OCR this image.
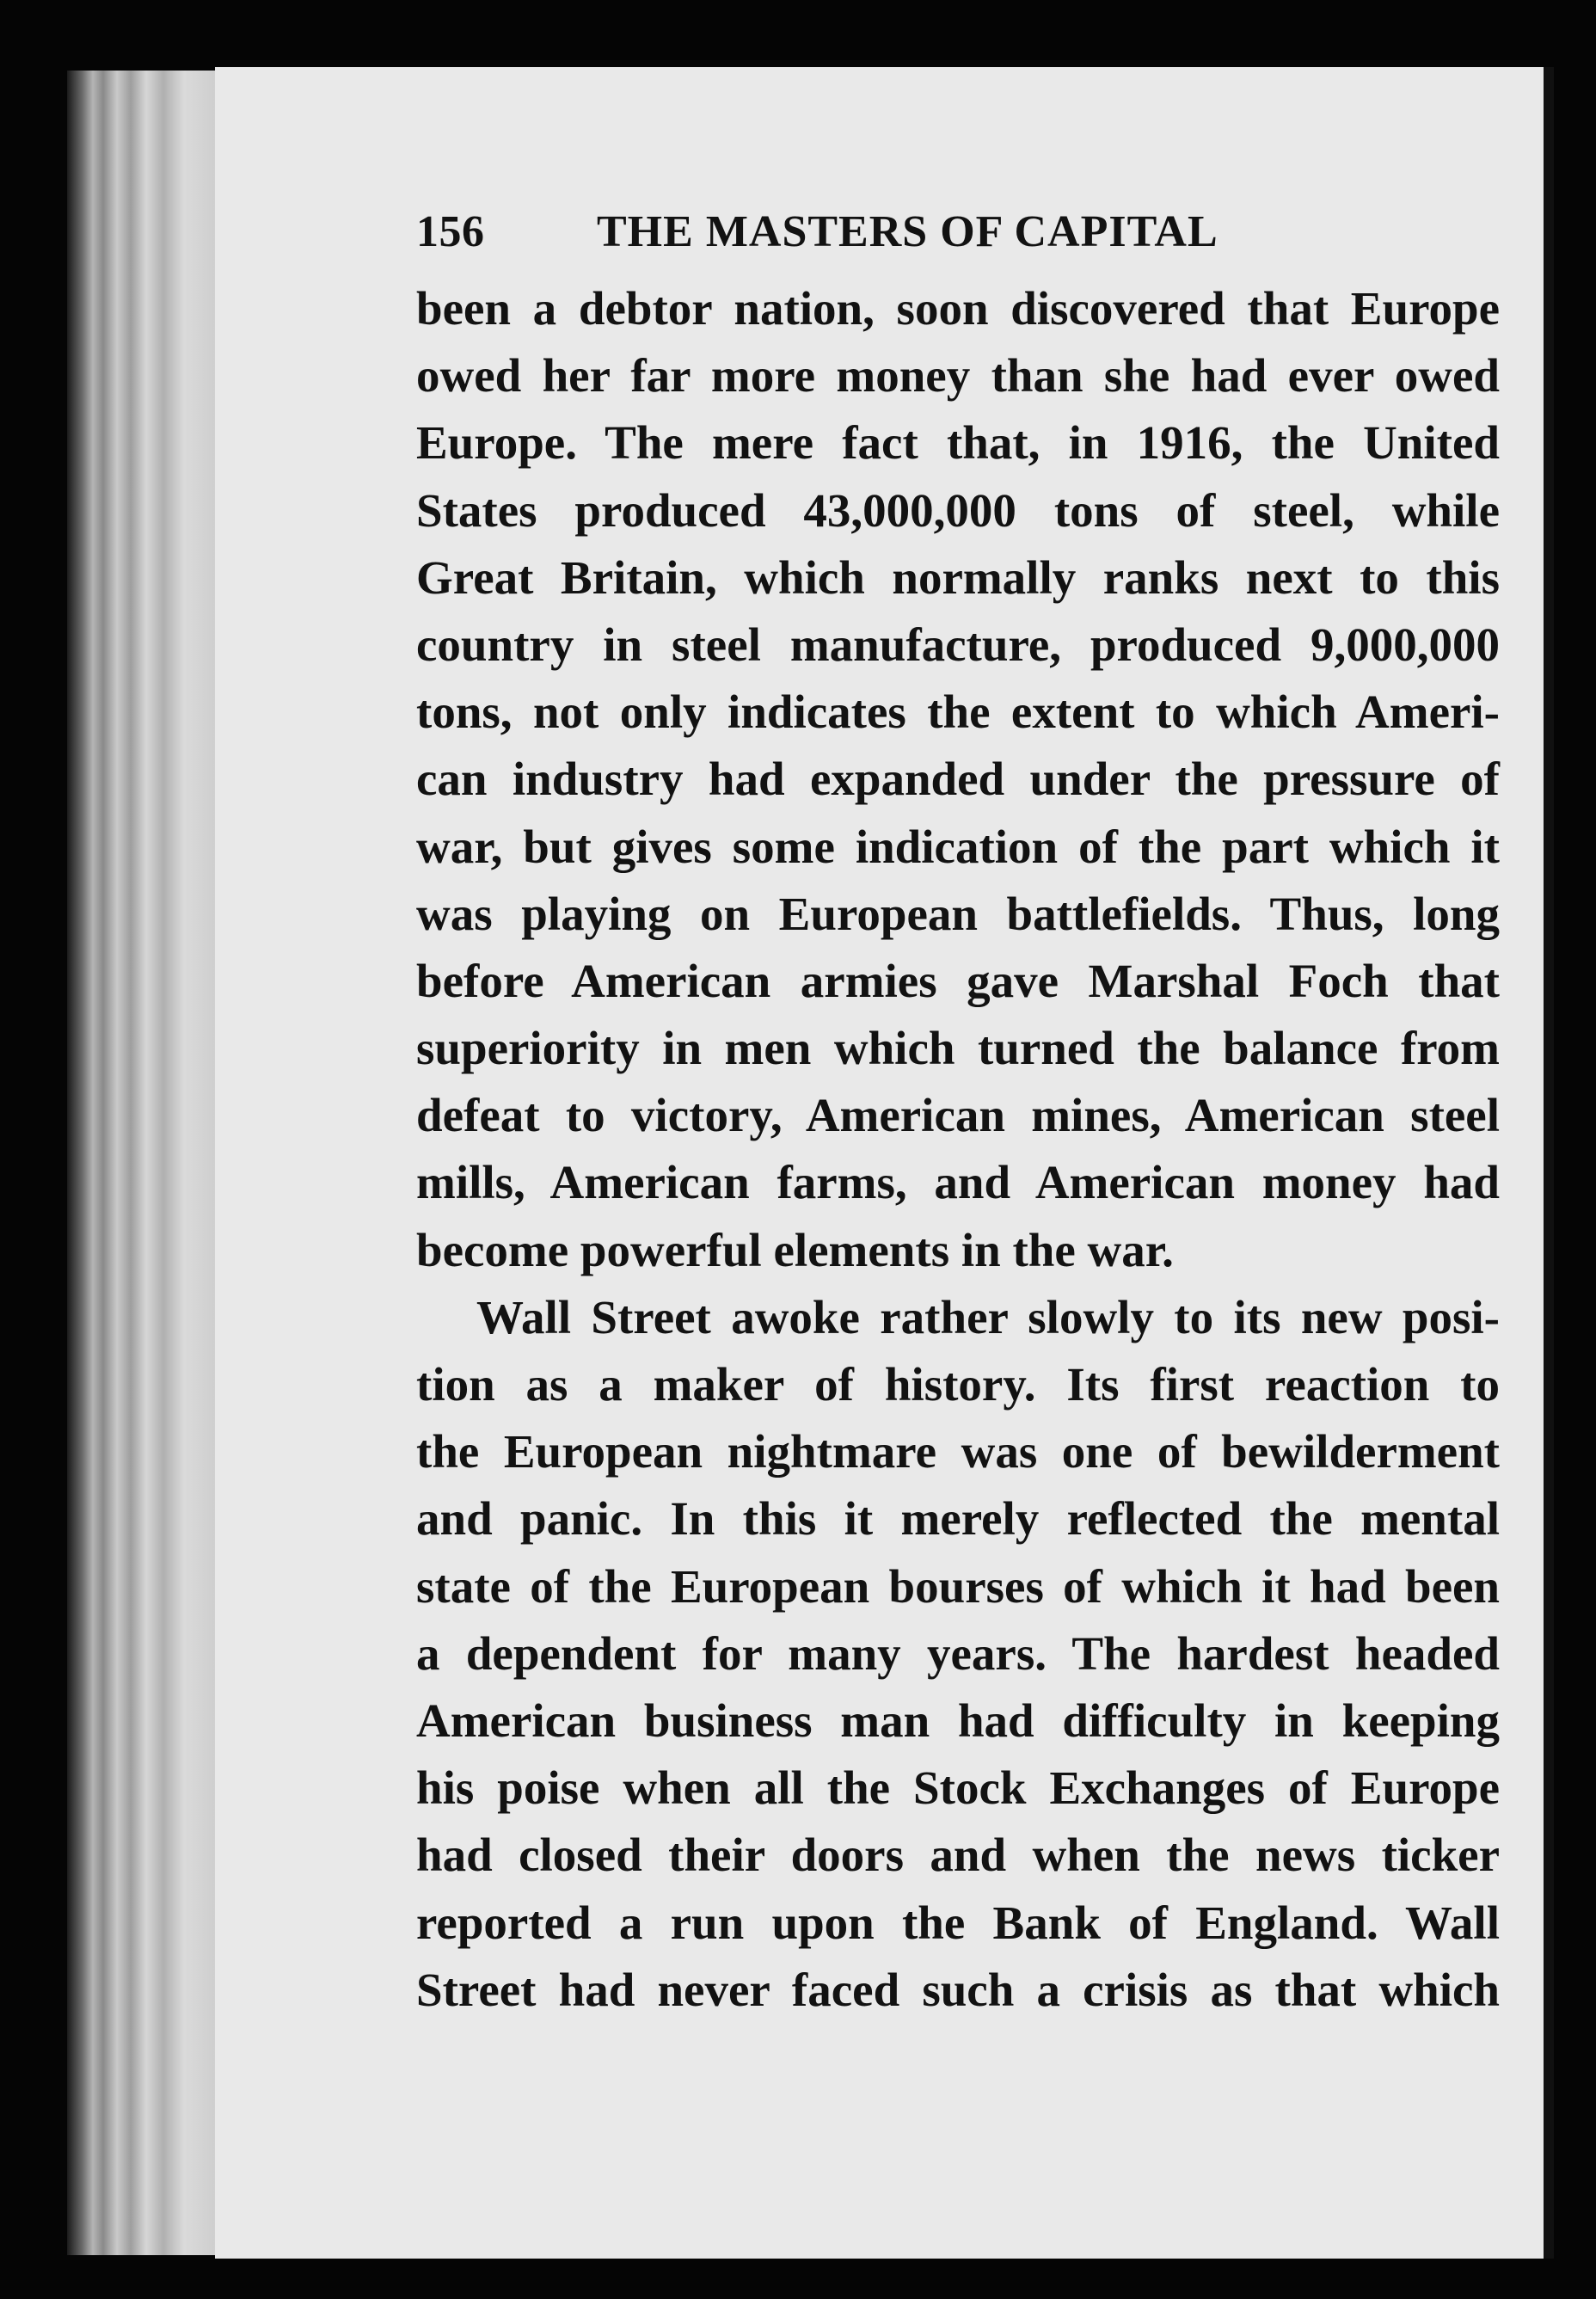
156	THE MASTERS OF CAPITAL
been a debtor nation, soon discovered that Europe
owed her far more money than she had ever owed
Europe. The mere fact that, in 1916, the United
States produced 43,000,000 tons of steel, while
Great Britain, which normally ranks next to this
country in steel manufacture, produced 9,000,000
tons, not only indicates the extent to which Ameri-
can industry had expanded under the pressure of
war, but gives some indication of the part which it
was playing on European battlefields. Thus, long
before American armies gave Marshal Foch that
superiority in men which turned the balance from
defeat to victory, American mines, American steel
mills, American farms, and American money had
become powerful elements in the war.
Wall Street awoke rather slowly to its new posi-
tion as a maker of history. Its first reaction to
the European nightmare was one of bewilderment
and panic. In this it merely reflected the mental
state of the European bourses of which it had been
a dependent for many years. The hardest headed
American business man had difficulty in keeping
his poise when all the Stock Exchanges of Europe
had closed their doors and when the news ticker
reported a run upon the Bank of England. Wall
Street had never faced such a crisis as that which
